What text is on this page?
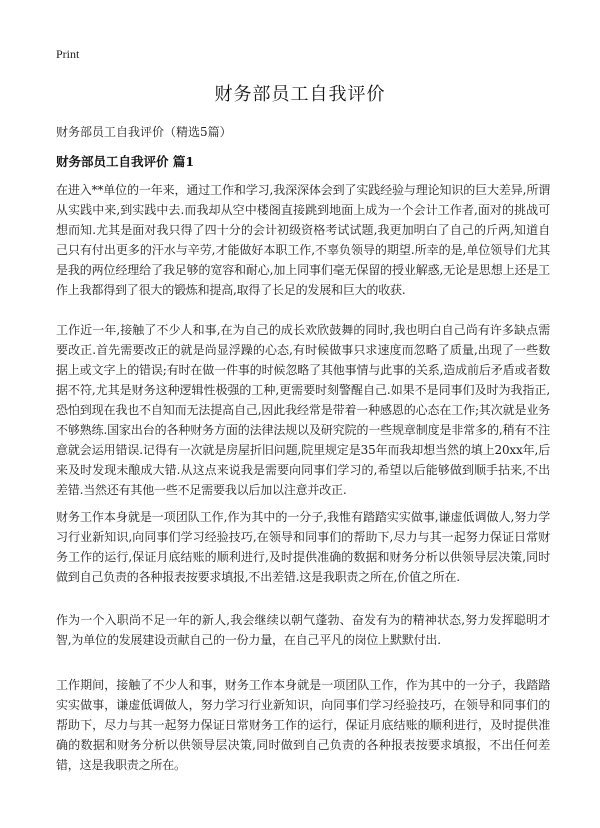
Print
财务部员工自我评价

财务部员工自我评价（精选5篇）

财务部员工自我评价 篇1

在进入**单位的一年来，通过工作和学习,我深深体会到了实践经验与理论知识的巨大差异,所谓从实践中来,到实践中去.而我却从空中楼阁直接跳到地面上成为一个会计工作者,面对的挑战可想而知.尤其是面对我只得了四十分的会计初级资格考试试题,我更加明白了自己的斤两,知道自己只有付出更多的汗水与辛劳,才能做好本职工作,不辜负领导的期望.所幸的是,单位领导们尤其是我的两位经理给了我足够的宽容和耐心,加上同事们毫无保留的授业解惑,无论是思想上还是工作上我都得到了很大的锻炼和提高,取得了长足的发展和巨大的收获.

工作近一年,接触了不少人和事,在为自己的成长欢欣鼓舞的同时,我也明白自己尚有许多缺点需要改正.首先需要改正的就是尚显浮躁的心态,有时候做事只求速度而忽略了质量,出现了一些数据上或文字上的错误;有时在做一件事的时候忽略了其他事情与此事的关系,造成前后矛盾或者数据不符,尤其是财务这种逻辑性极强的工种,更需要时刻警醒自己.如果不是同事们及时为我指正,恐怕到现在我也不自知而无法提高自己,因此我经常是带着一种感恩的心态在工作;其次就是业务不够熟练.国家出台的各种财务方面的法律法规以及研究院的一些规章制度是非常多的,稍有不注意就会运用错误.记得有一次就是房屋折旧问题,院里规定是35年而我却想当然的填上20xx年,后来及时发现未酿成大错.从这点来说我是需要向同事们学习的,希望以后能够做到顺手拈来,不出差错.当然还有其他一些不足需要我以后加以注意并改正.

财务工作本身就是一项团队工作,作为其中的一分子,我惟有踏踏实实做事,谦虚低调做人,努力学习行业新知识,向同事们学习经验技巧,在领导和同事们的帮助下,尽力与其一起努力保证日常财务工作的运行,保证月底结账的顺利进行,及时提供准确的数据和财务分析以供领导层决策,同时做到自己负责的各种报表按要求填报,不出差错.这是我职责之所在,价值之所在.

作为一个入职尚不足一年的新人,我会继续以朝气蓬勃、奋发有为的精神状态,努力发挥聪明才智,为单位的发展建设贡献自己的一份力量，在自己平凡的岗位上默默付出.

工作期间，接触了不少人和事，财务工作本身就是一项团队工作，作为其中的一分子，我踏踏实实做事，谦虚低调做人，努力学习行业新知识，向同事们学习经验技巧，在领导和同事们的帮助下，尽力与其一起努力保证日常财务工作的运行，保证月底结账的顺利进行，及时提供准确的数据和财务分析以供领导层决策,同时做到自己负责的各种报表按要求填报，不出任何差错，这是我职责之所在。
